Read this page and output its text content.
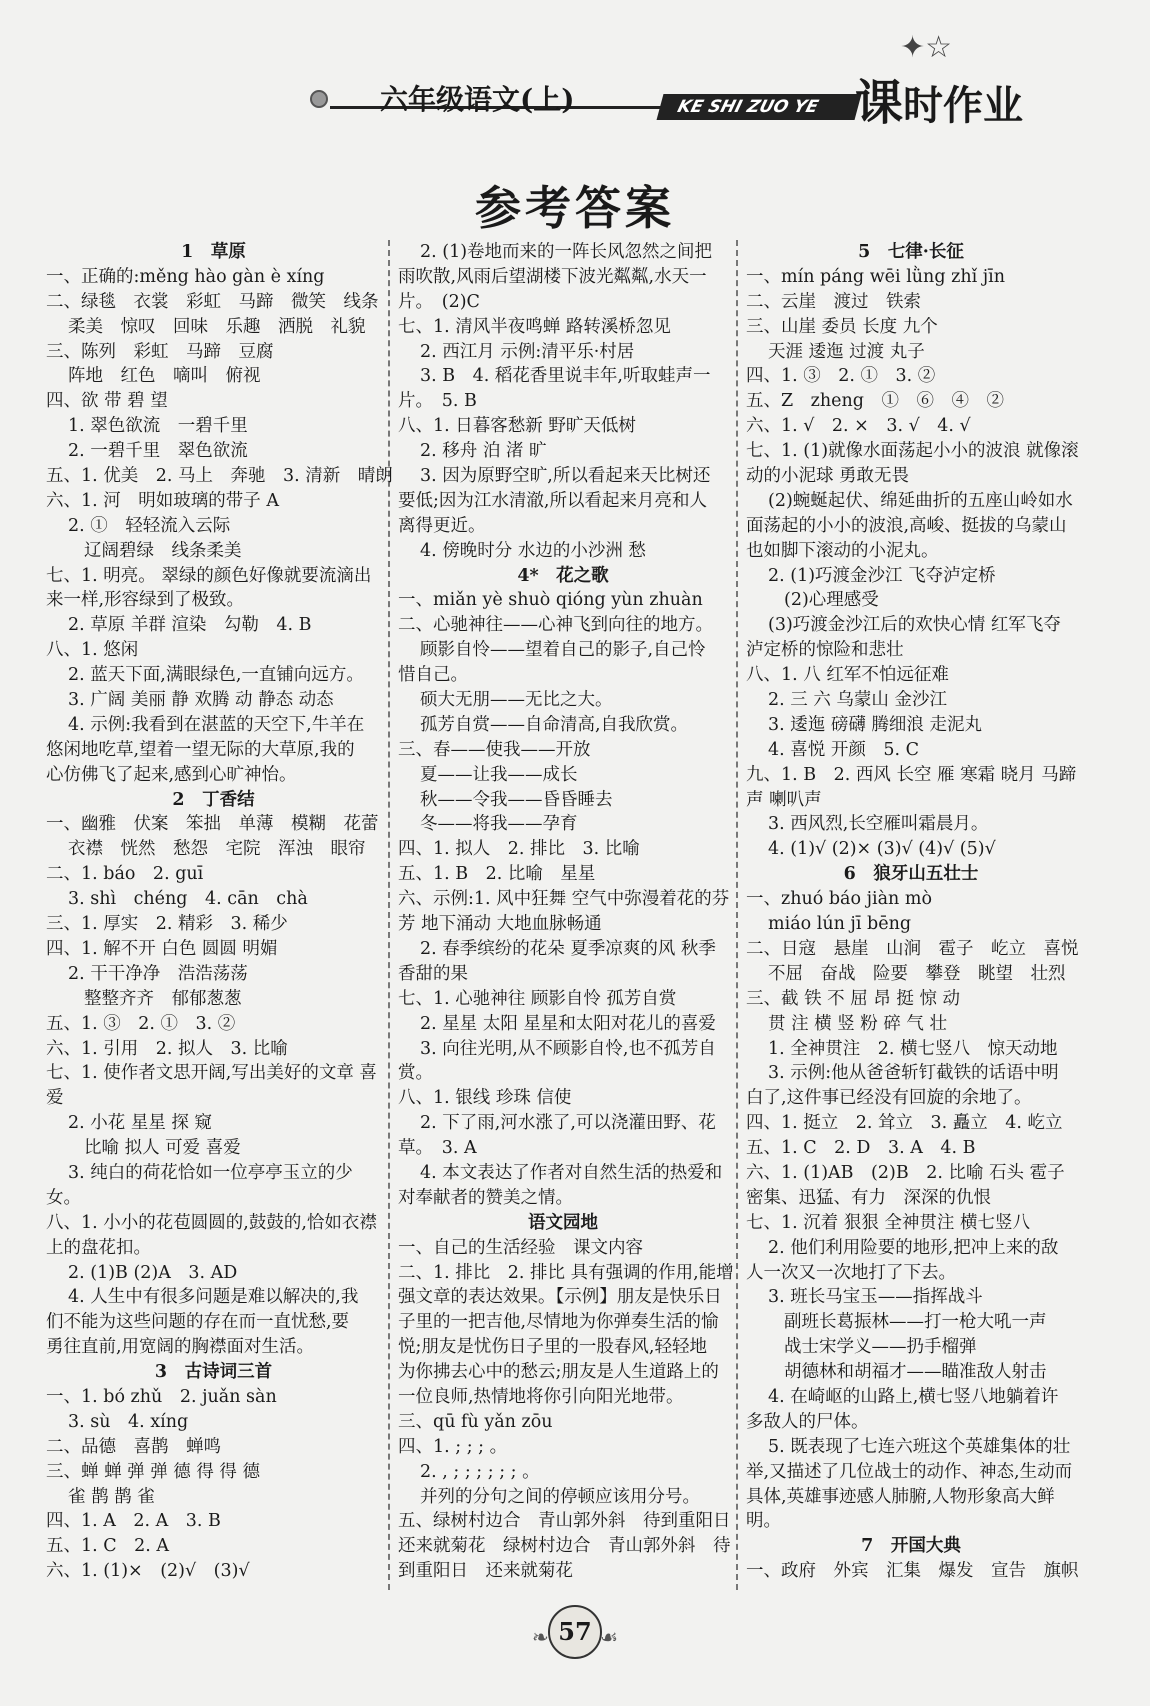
六年级语文(上)	KE SHI ZUO YE
✦☆
课时作业
参考答案
1　草原
一、正确的:měng hào gàn è xíng
二、绿毯　衣裳　彩虹　马蹄　微笑　线条
柔美　惊叹　回味　乐趣　洒脱　礼貌
三、陈列　彩虹　马蹄　豆腐
阵地　红色　嘀叫　俯视
四、欲 带 碧 望
1. 翠色欲流　一碧千里
2. 一碧千里　翠色欲流
五、1. 优美　2. 马上　奔驰　3. 清新　晴朗
六、1. 河　明如玻璃的带子 A
2. ①　轻轻流入云际
辽阔碧绿　线条柔美
七、1. 明亮。 翠绿的颜色好像就要流滴出
来一样,形容绿到了极致。
2. 草原 羊群 渲染　勾勒　4. B
八、1. 悠闲
2. 蓝天下面,满眼绿色,一直铺向远方。
3. 广阔 美丽 静 欢腾 动 静态 动态
4. 示例:我看到在湛蓝的天空下,牛羊在
悠闲地吃草,望着一望无际的大草原,我的
心仿佛飞了起来,感到心旷神怡。
2　丁香结
一、幽雅　伏案　笨拙　单薄　模糊　花蕾
衣襟　恍然　愁怨　宅院　浑浊　眼帘
二、1. báo　2. guī
3. shì　chéng　4. cān　chà
三、1. 厚实　2. 精彩　3. 稀少
四、1. 解不开 白色 圆圆 明媚
2. 干干净净　浩浩荡荡
整整齐齐　郁郁葱葱
五、1. ③　2. ①　3. ②
六、1. 引用　2. 拟人　3. 比喻
七、1. 使作者文思开阔,写出美好的文章 喜
爱
2. 小花 星星 探 窥
比喻 拟人 可爱 喜爱
3. 纯白的荷花恰如一位亭亭玉立的少
女。
八、1. 小小的花苞圆圆的,鼓鼓的,恰如衣襟
上的盘花扣。
2. (1)B (2)A　3. AD
4. 人生中有很多问题是难以解决的,我
们不能为这些问题的存在而一直忧愁,要
勇往直前,用宽阔的胸襟面对生活。
3　古诗词三首
一、1. bó zhǔ　2. juǎn sàn
3. sù　4. xíng
二、品德　喜鹊　蝉鸣
三、蝉 蝉 弹 弹 德 得 得 德
雀 鹊 鹊 雀
四、1. A　2. A　3. B
五、1. C　2. A
六、1. (1)×　(2)√　(3)√
2. (1)卷地而来的一阵长风忽然之间把
雨吹散,风雨后望湖楼下波光粼粼,水天一
片。　(2)C
七、1. 清风半夜鸣蝉 路转溪桥忽见
2. 西江月 示例:清平乐·村居
3. B　4. 稻花香里说丰年,听取蛙声一
片。　5. B
八、1. 日暮客愁新 野旷天低树
2. 移舟 泊 渚 旷
3. 因为原野空旷,所以看起来天比树还
要低;因为江水清澈,所以看起来月亮和人
离得更近。
4. 傍晚时分 水边的小沙洲 愁
4*　花之歌
一、miǎn yè shuò qióng yùn zhuàn
二、心驰神往——心神飞到向往的地方。
顾影自怜——望着自己的影子,自己怜
惜自己。
硕大无朋——无比之大。
孤芳自赏——自命清高,自我欣赏。
三、春——使我——开放
夏——让我——成长
秋——令我——昏昏睡去
冬——将我——孕育
四、1. 拟人　2. 排比　3. 比喻
五、1. B　2. 比喻　星星
六、示例:1. 风中狂舞 空气中弥漫着花的芬
芳 地下涌动 大地血脉畅通
2. 春季缤纷的花朵 夏季凉爽的风 秋季
香甜的果
七、1. 心驰神往 顾影自怜 孤芳自赏
2. 星星 太阳 星星和太阳对花儿的喜爱
3. 向往光明,从不顾影自怜,也不孤芳自
赏。
八、1. 银线 珍珠 信使
2. 下了雨,河水涨了,可以浇灌田野、花
草。　3. A
4. 本文表达了作者对自然生活的热爱和
对奉献者的赞美之情。
语文园地
一、自己的生活经验　课文内容
二、1. 排比　2. 排比 具有强调的作用,能增
强文章的表达效果。【示例】朋友是快乐日
子里的一把吉他,尽情地为你弹奏生活的愉
悦;朋友是忧伤日子里的一股春风,轻轻地
为你拂去心中的愁云;朋友是人生道路上的
一位良师,热情地将你引向阳光地带。
三、qū fù yǎn zōu
四、1. ; ; ; 。
2. , ; ; ; ; ; ; 。
并列的分句之间的停顿应该用分号。
五、绿树村边合　青山郭外斜　待到重阳日
还来就菊花　绿树村边合　青山郭外斜　待
到重阳日　还来就菊花
5　七律·长征
一、mín páng wēi lǜng zhǐ jīn
二、云崖　渡过　铁索
三、山崖 委员 长度 九个
天涯 逶迤 过渡 丸子
四、1. ③　2. ①　3. ②
五、Z　zheng　①　⑥　④　②
六、1. √　2. ×　3. √　4. √
七、1. (1)就像水面荡起小小的波浪 就像滚
动的小泥球 勇敢无畏
(2)蜿蜒起伏、绵延曲折的五座山岭如水
面荡起的小小的波浪,高峻、挺拔的乌蒙山
也如脚下滚动的小泥丸。
2. (1)巧渡金沙江 飞夺泸定桥
(2)心理感受
(3)巧渡金沙江后的欢快心情 红军飞夺
泸定桥的惊险和悲壮
八、1. 八 红军不怕远征难
2. 三 六 乌蒙山 金沙江
3. 逶迤 磅礴 腾细浪 走泥丸
4. 喜悦 开颜　5. C
九、1. B　2. 西风 长空 雁 寒霜 晓月 马蹄
声 喇叭声
3. 西风烈,长空雁叫霜晨月。
4. (1)√ (2)× (3)√ (4)√ (5)√
6　狼牙山五壮士
一、zhuó báo jiàn mò
miáo lún jī bēng
二、日寇　悬崖　山涧　雹子　屹立　喜悦
不屈　奋战　险要　攀登　眺望　壮烈
三、截 铁 不 屈 昂 挺 惊 动
贯 注 横 竖 粉 碎 气 壮
1. 全神贯注　2. 横七竖八　惊天动地
3. 示例:他从爸爸斩钉截铁的话语中明
白了,这件事已经没有回旋的余地了。
四、1. 挺立　2. 耸立　3. 矗立　4. 屹立
五、1. C　2. D　3. A　4. B
六、1. (1)AB　(2)B　2. 比喻 石头 雹子
密集、迅猛、有力　深深的仇恨
七、1. 沉着 狠狠 全神贯注 横七竖八
2. 他们利用险要的地形,把冲上来的敌
人一次又一次地打了下去。
3. 班长马宝玉——指挥战斗
副班长葛振林——打一枪大吼一声
战士宋学义——扔手榴弹
胡德林和胡福才——瞄准敌人射击
4. 在崎岖的山路上,横七竖八地躺着许
多敌人的尸体。
5. 既表现了七连六班这个英雄集体的壮
举,又描述了几位战士的动作、神态,生动而
具体,英雄事迹感人肺腑,人物形象高大鲜
明。
7　开国大典
一、政府　外宾　汇集　爆发　宣告　旗帜
❧ 57 ☙
